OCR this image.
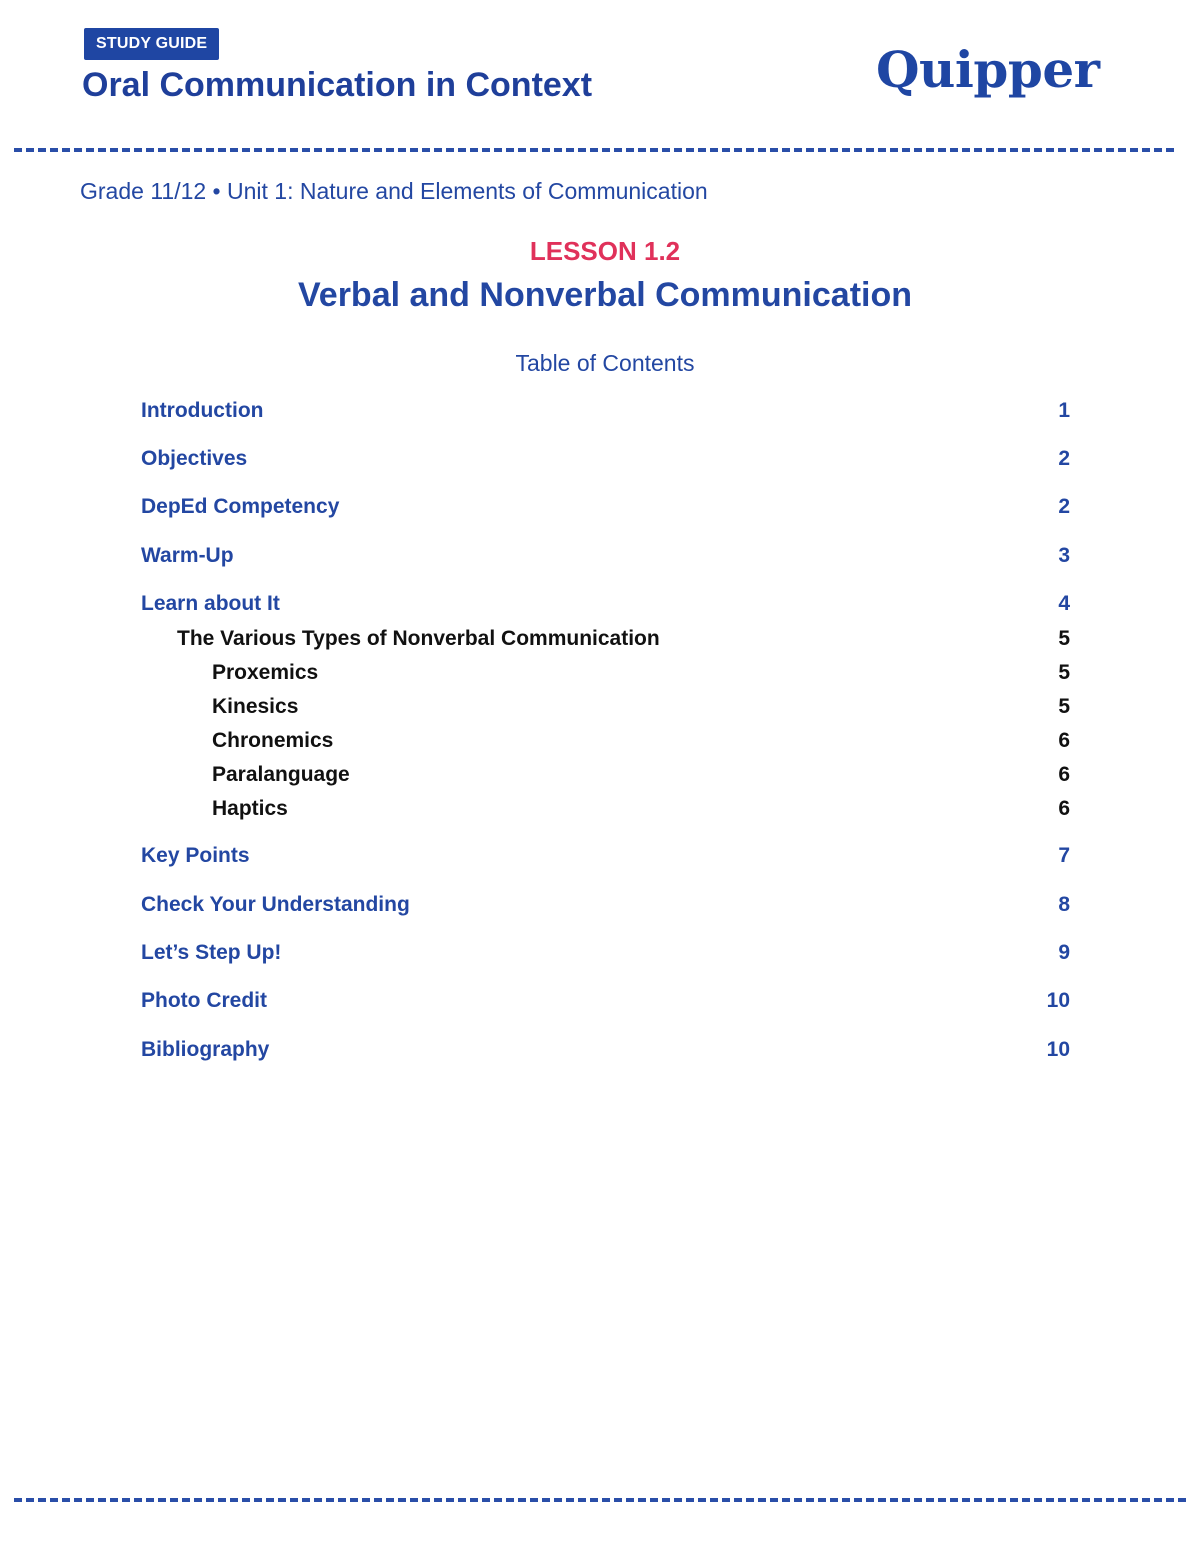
STUDY GUIDE
Oral Communication in Context	Quipper
Grade 11/12 • Unit 1: Nature and Elements of Communication
LESSON 1.2
Verbal and Nonverbal Communication
Table of Contents
Introduction	1
Objectives	2
DepEd Competency	2
Warm-Up	3
Learn about It	4
The Various Types of Nonverbal Communication	5
Proxemics	5
Kinesics	5
Chronemics	6
Paralanguage	6
Haptics	6
Key Points	7
Check Your Understanding	8
Let’s Step Up!	9
Photo Credit	10
Bibliography	10
